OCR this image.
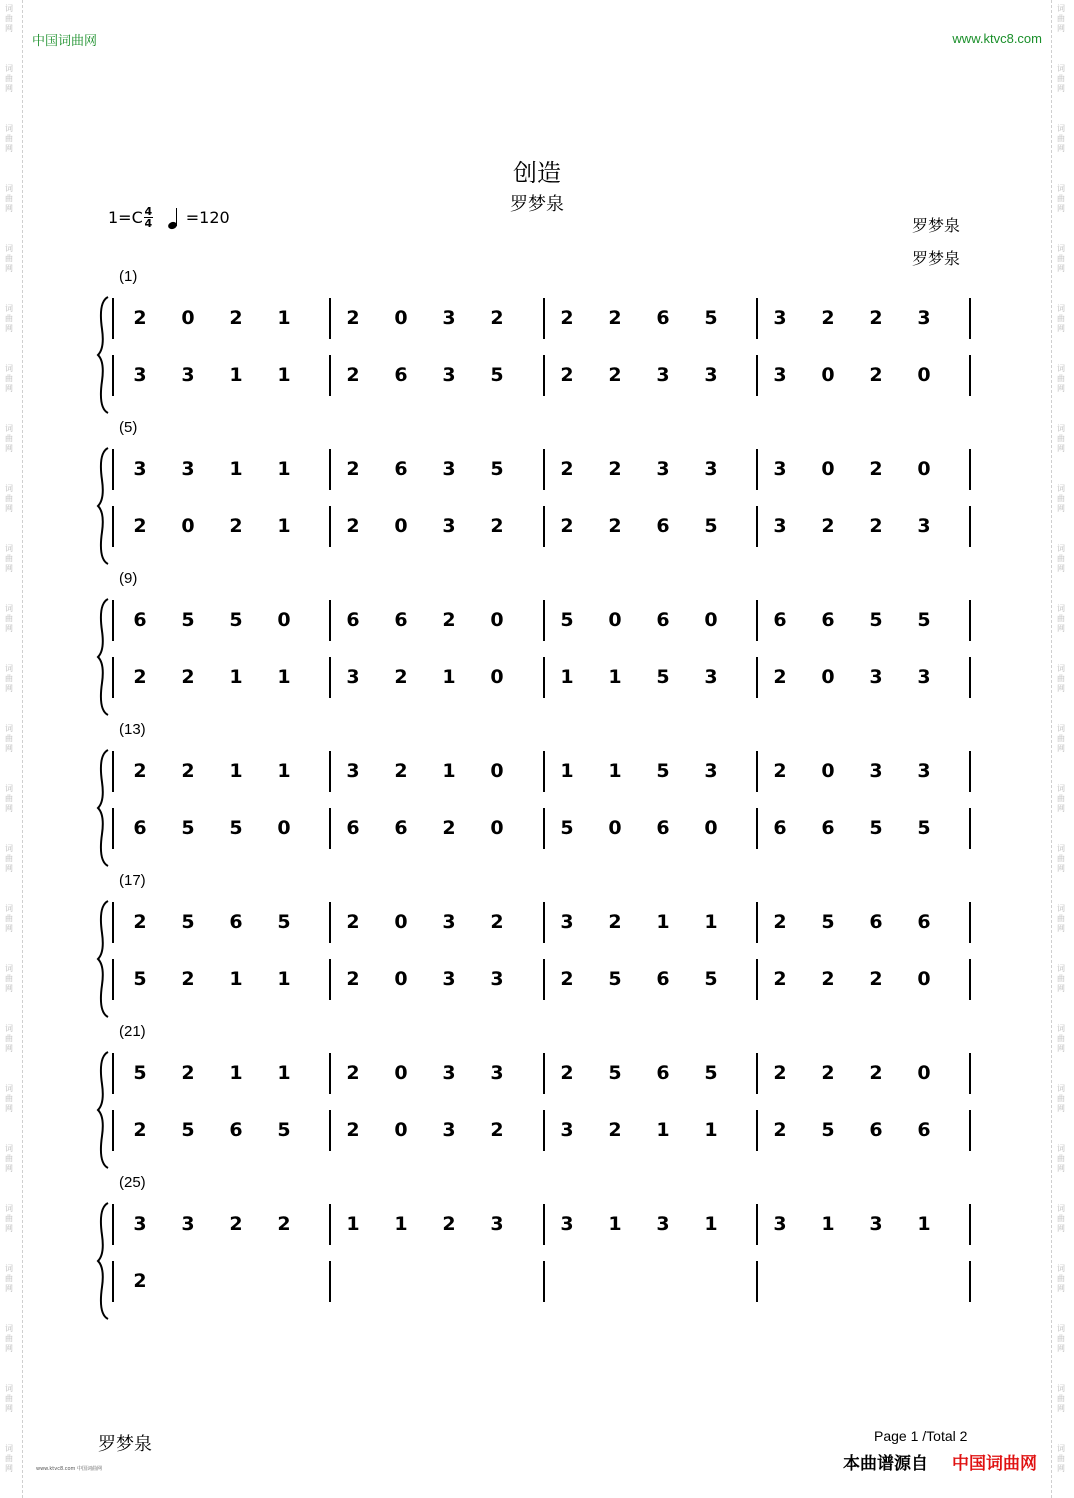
词
曲
网
词
曲
网
词
曲
网
词
曲
网
词
曲
网
词
曲
网
词
曲
网
词
曲
网
词
曲
网
词
曲
网
词
曲
网
词
曲
网
词
曲
网
词
曲
网
词
曲
网
词
曲
网
词
曲
网
词
曲
网
词
曲
网
词
曲
网
词
曲
网
词
曲
网
词
曲
网
词
曲
网
词
曲
网
词
曲
网
词
曲
网
词
曲
网
词
曲
网
词
曲
网
词
曲
网
词
曲
网
词
曲
网
词
曲
网
词
曲
网
词
曲
网
词
曲
网
词
曲
网
词
曲
网
词
曲
网
词
曲
网
词
曲
网
词
曲
网
词
曲
网
词
曲
网
词
曲
网
词
曲
网
词
曲
网
词
曲
网
词
曲
网
中国词曲网	www.ktvc8.com
创造
罗梦泉
1=C 4
4 =120	罗梦泉
罗梦泉
(1)
2	0	2	1	2	0	3	2	2	2	6	5	3	2	2	3
3	3	1	1	2	6	3	5	2	2	3	3	3	0	2	0
(5)
3	3	1	1	2	6	3	5	2	2	3	3	3	0	2	0
2	0	2	1	2	0	3	2	2	2	6	5	3	2	2	3
(9)
6	5	5	0	6	6	2	0	5	0	6	0	6	6	5	5
2	2	1	1	3	2	1	0	1	1	5	3	2	0	3	3
(13)
2	2	1	1	3	2	1	0	1	1	5	3	2	0	3	3
6	5	5	0	6	6	2	0	5	0	6	0	6	6	5	5
(17)
2	5	6	5	2	0	3	2	3	2	1	1	2	5	6	6
5	2	1	1	2	0	3	3	2	5	6	5	2	2	2	0
(21)
5	2	1	1	2	0	3	3	2	5	6	5	2	2	2	0
2	5	6	5	2	0	3	2	3	2	1	1	2	5	6	6
(25)
3	3	2	2	1	1	2	3	3	1	3	1	3	1	3	1
2
罗梦泉	Page 1 /Total 2
本曲谱源自 中国词曲网
www.ktvc8.com 中国词曲网
